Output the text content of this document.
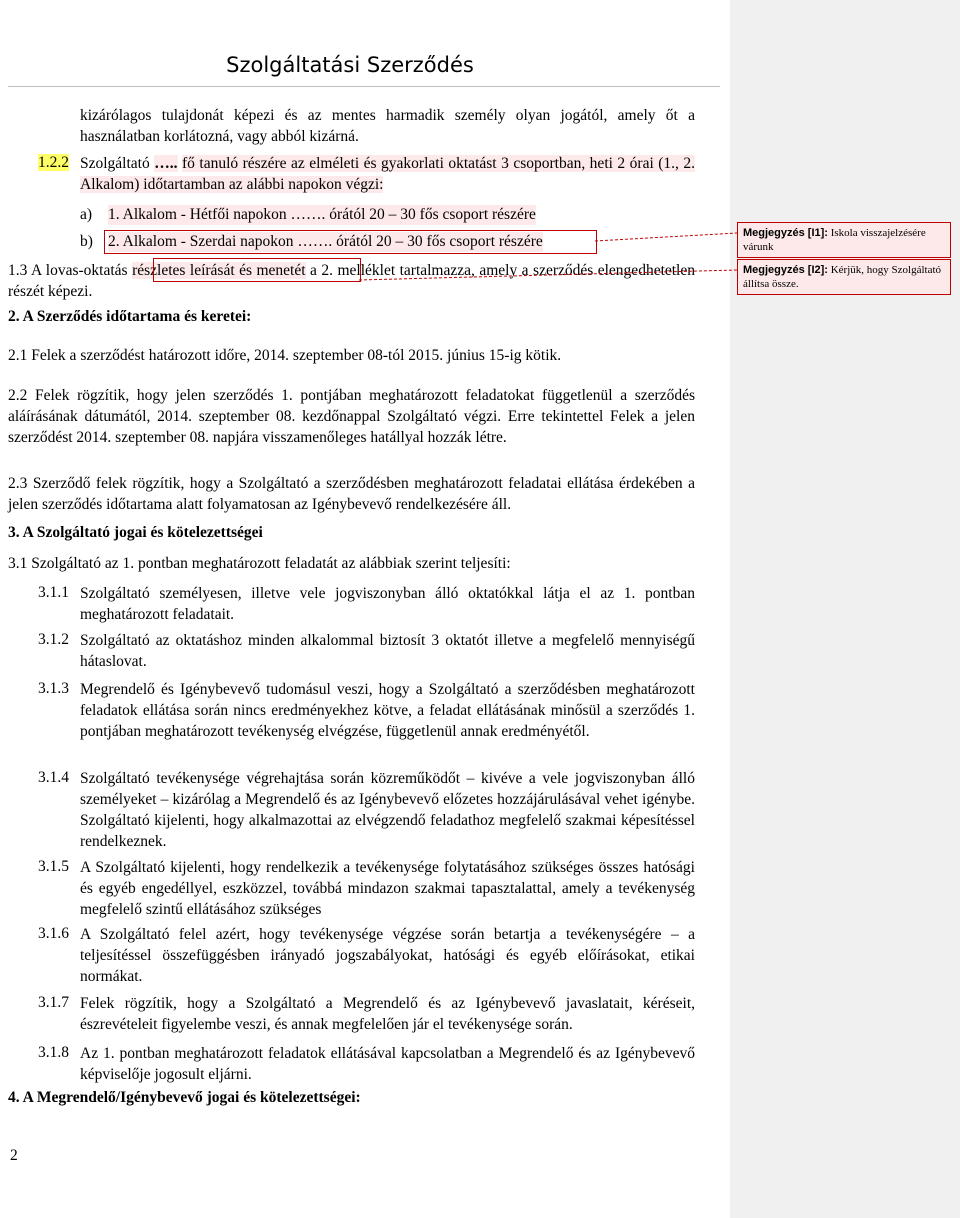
Szolgáltatási Szerződés
kizárólagos tulajdonát képezi és az mentes harmadik személy olyan jogától, amely őt a használatban korlátozná, vagy abból kizárná.
1.2.2 Szolgáltató ….. fő tanuló részére az elméleti és gyakorlati oktatást 3 csoportban, heti 2 órai (1., 2. Alkalom) időtartamban az alábbi napokon végzi:
a) 1. Alkalom - Hétfői napokon ……. órától 20 – 30 fős csoport részére
b) 2. Alkalom - Szerdai napokon ……. órától 20 – 30 fős csoport részére
1.3 A lovas-oktatás részletes leírását és menetét a 2. melléklet tartalmazza, amely a szerződés elengedhetetlen részét képezi.
2. A Szerződés időtartama és keretei:
2.1 Felek a szerződést határozott időre, 2014. szeptember 08-tól 2015. június 15-ig kötik.
2.2 Felek rögzítik, hogy jelen szerződés 1. pontjában meghatározott feladatokat függetlenül a szerződés aláírásának dátumától, 2014. szeptember 08. kezdőnappal Szolgáltató végzi. Erre tekintettel Felek a jelen szerződést 2014. szeptember 08. napjára visszamenőleges hatállyal hozzák létre.
2.3 Szerződő felek rögzítik, hogy a Szolgáltató a szerződésben meghatározott feladatai ellátása érdekében a jelen szerződés időtartama alatt folyamatosan az Igénybevevő rendelkezésére áll.
3. A Szolgáltató jogai és kötelezettségei
3.1 Szolgáltató az 1. pontban meghatározott feladatát az alábbiak szerint teljesíti:
3.1.1 Szolgáltató személyesen, illetve vele jogviszonyban álló oktatókkal látja el az 1. pontban meghatározott feladatait.
3.1.2 Szolgáltató az oktatáshoz minden alkalommal biztosít 3 oktatót illetve a megfelelő mennyiségű hátaslovat.
3.1.3 Megrendelő és Igénybevevő tudomásul veszi, hogy a Szolgáltató a szerződésben meghatározott feladatok ellátása során nincs eredményekhez kötve, a feladat ellátásának minősül a szerződés 1. pontjában meghatározott tevékenység elvégzése, függetlenül annak eredményétől.
3.1.4 Szolgáltató tevékenysége végrehajtása során közreműködőt – kivéve a vele jogviszonyban álló személyeket – kizárólag a Megrendelő és az Igénybevevő előzetes hozzájárulásával vehet igénybe. Szolgáltató kijelenti, hogy alkalmazottai az elvégzendő feladathoz megfelelő szakmai képesítéssel rendelkeznek.
3.1.5 A Szolgáltató kijelenti, hogy rendelkezik a tevékenysége folytatásához szükséges összes hatósági és egyéb engedéllyel, eszközzel, továbbá mindazon szakmai tapasztalattal, amely a tevékenység megfelelő szintű ellátásához szükséges
3.1.6 A Szolgáltató felel azért, hogy tevékenysége végzése során betartja a tevékenységére – a teljesítéssel összefüggésben irányadó jogszabályokat, hatósági és egyéb előírásokat, etikai normákat.
3.1.7 Felek rögzítik, hogy a Szolgáltató a Megrendelő és az Igénybevevő javaslatait, kéréseit, észrevételeit figyelembe veszi, és annak megfelelően jár el tevékenysége során.
3.1.8 Az 1. pontban meghatározott feladatok ellátásával kapcsolatban a Megrendelő és az Igénybevevő képviselője jogosult eljárni.
4. A Megrendelő/Igénybevevő jogai és kötelezettségei:
2
Megjegyzés [I1]: Iskola visszajelzésére várunk
Megjegyzés [I2]: Kérjük, hogy Szolgáltató állítsa össze.
